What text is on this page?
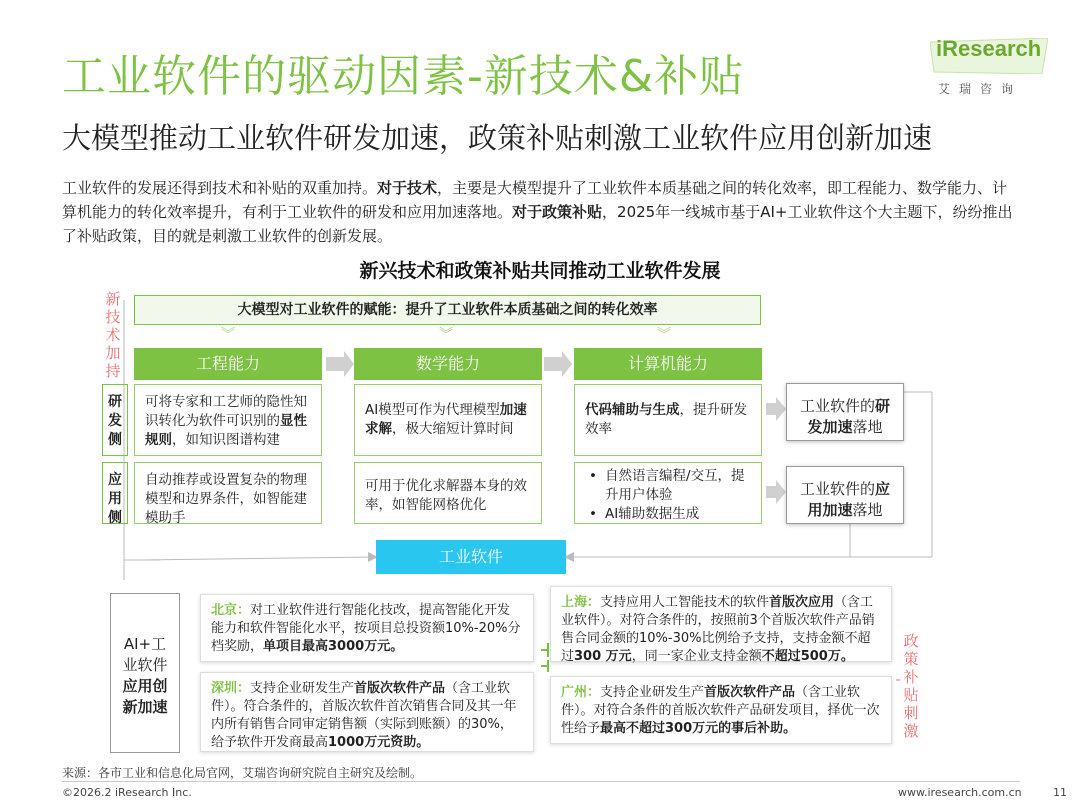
工业软件的驱动因素-新技术&补贴
大模型推动工业软件研发加速，政策补贴刺激工业软件应用创新加速
iResearch
艾瑞咨询
工业软件的发展还得到技术和补贴的双重加持。对于技术，主要是大模型提升了工业软件本质基础之间的转化效率，即工程能力、数学能力、计算机能力的转化效率提升，有利于工业软件的研发和应用加速落地。对于政策补贴，2025年一线城市基于AI+工业软件这个大主题下，纷纷推出了补贴政策，目的就是刺激工业软件的创新发展。
新兴技术和政策补贴共同推动工业软件发展
新技术加持
政策补贴刺激
大模型对工业软件的赋能：提升了工业软件本质基础之间的转化效率
︾	︾	︾
工程能力	数学能力	计算机能力
研发侧
应用侧
可将专家和工艺师的隐性知识转化为软件可识别的显性规则，如知识图谱构建
AI模型可作为代理模型加速求解，极大缩短计算时间
代码辅助与生成，提升研发效率
自动推荐或设置复杂的物理模型和边界条件，如智能建模助手
可用于优化求解器本身的效率，如智能网格优化
• 自然语言编程/交互，提升用户体验
• AI辅助数据生成
工业软件的研发加速落地
工业软件的应用加速落地
工业软件
AI+工业软件
应用创新加速
北京：对工业软件进行智能化技改，提高智能化开发能力和软件智能化水平，按项目总投资额10%-20%分档奖励，单项目最高3000万元。
深圳：支持企业研发生产首版次软件产品（含工业软件）。符合条件的，首版次软件首次销售合同及其一年内所有销售合同审定销售额（实际到账额）的30%，给予软件开发商最高1000万元资助。
上海：支持应用人工智能技术的软件首版次应用（含工业软件）。对符合条件的，按照前3个首版次软件产品销售合同金额的10%-30%比例给予支持，支持金额不超过300 万元，同一家企业支持金额不超过500万。
广州：支持企业研发生产首版次软件产品（含工业软件）。对符合条件的首版次软件产品研发项目，择优一次性给予最高不超过300万元的事后补助。
来源：各市工业和信息化局官网，艾瑞咨询研究院自主研究及绘制。
©2026.2 iResearch Inc.	www.iresearch.com.cn	11
